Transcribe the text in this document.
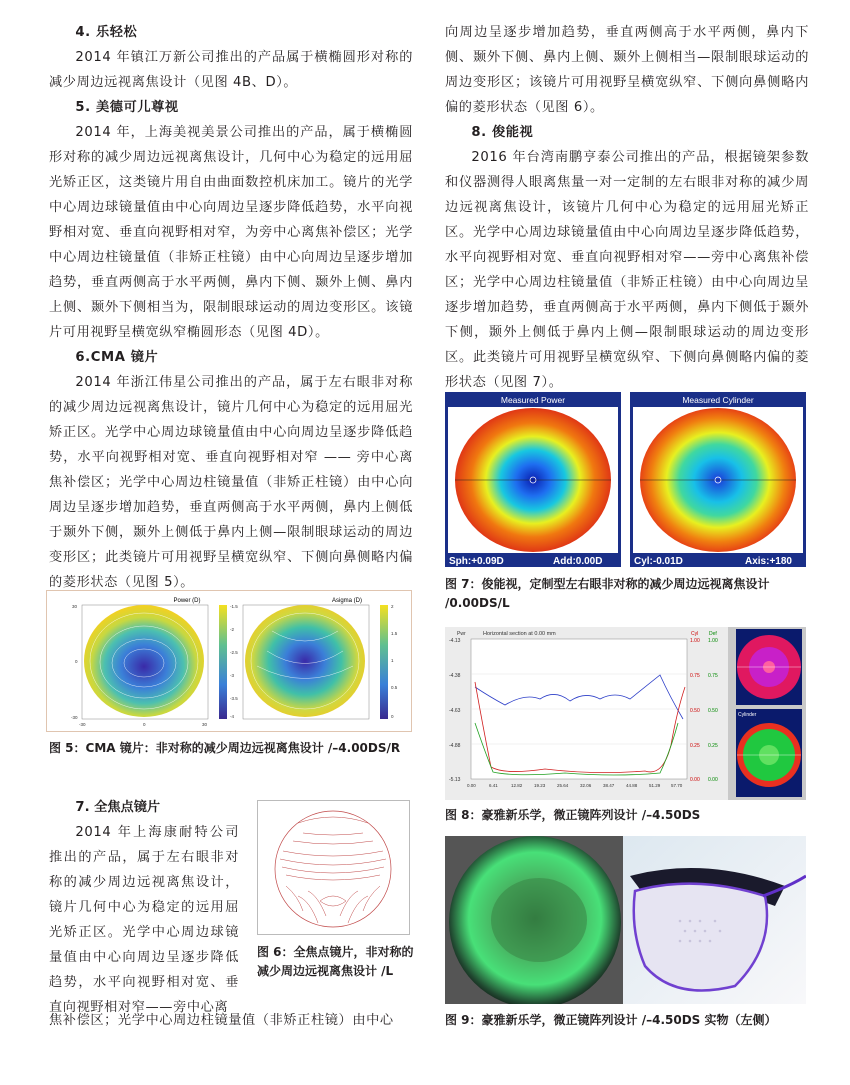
4. 乐轻松

2014 年镇江万新公司推出的产品属于横椭圆形对称的减少周边远视离焦设计（见图 4B、D）。

5. 美德可儿尊视

2014 年，上海美视美景公司推出的产品，属于横椭圆形对称的减少周边远视离焦设计，几何中心为稳定的远用屈光矫正区，这类镜片用自由曲面数控机床加工。镜片的光学中心周边球镜量值由中心向周边呈逐步降低趋势，水平向视野相对宽、垂直向视野相对窄，为旁中心离焦补偿区；光学中心周边柱镜量值（非矫正柱镜）由中心向周边呈逐步增加趋势，垂直两侧高于水平两侧，鼻内下侧、颞外上侧、鼻内上侧、颞外下侧相当为，限制眼球运动的周边变形区。该镜片可用视野呈横宽纵窄椭圆形态（见图 4D）。

6.CMA 镜片

2014 年浙江伟星公司推出的产品，属于左右眼非对称的减少周边远视离焦设计，镜片几何中心为稳定的远用屈光矫正区。光学中心周边球镜量值由中心向周边呈逐步降低趋势，水平向视野相对宽、垂直向视野相对窄 —— 旁中心离焦补偿区；光学中心周边柱镜量值（非矫正柱镜）由中心向周边呈逐步增加趋势，垂直两侧高于水平两侧，鼻内上侧低于颞外下侧，颞外上侧低于鼻内上侧—限制眼球运动的周边变形区；此类镜片可用视野呈横宽纵窄、下侧向鼻侧略内偏的菱形状态（见图 5）。

Power (D)	Asigma (D)
-1.5
-2
-2.5
-3
-3.5
-4
30
0
-30
-30	0	30
2
1.5
1
0.5
0
图 5：CMA 镜片：非对称的减少周边远视离焦设计 /–4.00DS/R
7. 全焦点镜片

2014 年上海康耐特公司推出的产品，属于左右眼非对称的减少周边远视离焦设计，镜片几何中心为稳定的远用屈光矫正区。光学中心周边球镜量值由中心向周边呈逐步降低趋势，水平向视野相对宽、垂直向视野相对窄——旁中心离

焦补偿区；光学中心周边柱镜量值（非矫正柱镜）由中心

图 6：全焦点镜片，非对称的减少周边远视离焦设计 /L

向周边呈逐步增加趋势，垂直两侧高于水平两侧，鼻内下侧、颞外下侧、鼻内上侧、颞外上侧相当—限制眼球运动的周边变形区；该镜片可用视野呈横宽纵窄、下侧向鼻侧略内偏的菱形状态（见图 6）。

8. 俊能视

2016 年台湾南鹏亨泰公司推出的产品，根据镜架参数和仪器测得人眼离焦量一对一定制的左右眼非对称的减少周边远视离焦设计，该镜片几何中心为稳定的远用屈光矫正区。光学中心周边球镜量值由中心向周边呈逐步降低趋势，水平向视野相对宽、垂直向视野相对窄——旁中心离焦补偿区；光学中心周边柱镜量值（非矫正柱镜）由中心向周边呈逐步增加趋势，垂直两侧高于水平两侧，鼻内下侧低于颞外下侧，颞外上侧低于鼻内上侧—限制眼球运动的周边变形区。此类镜片可用视野呈横宽纵窄、下侧向鼻侧略内偏的菱形状态（见图 7）。

Measured Power	Measured Cylinder
Sph:+0.09D	Add:0.00D	Cyl:-0.01D	Axis:+180
图 7：俊能视，定制型左右眼非对称的减少周边远视离焦设计 /0.00DS/L
Horizontal section at 0.00 mm
Pwr	Cyl Def
-4.13
-4.38
-4.63
-4.88
-5.13
1.00
0.75
0.50
0.25
0.00
1.00
0.75
0.50
0.25
0.00
0.00	6.41	12.82	19.23	25.64	32.06	38.47	44.88	51.29 57.70
Cylinder
图 8：豪雅新乐学，微正镜阵列设计 /–4.50DS
图 9：豪雅新乐学，微正镜阵列设计 /–4.50DS 实物（左侧）
